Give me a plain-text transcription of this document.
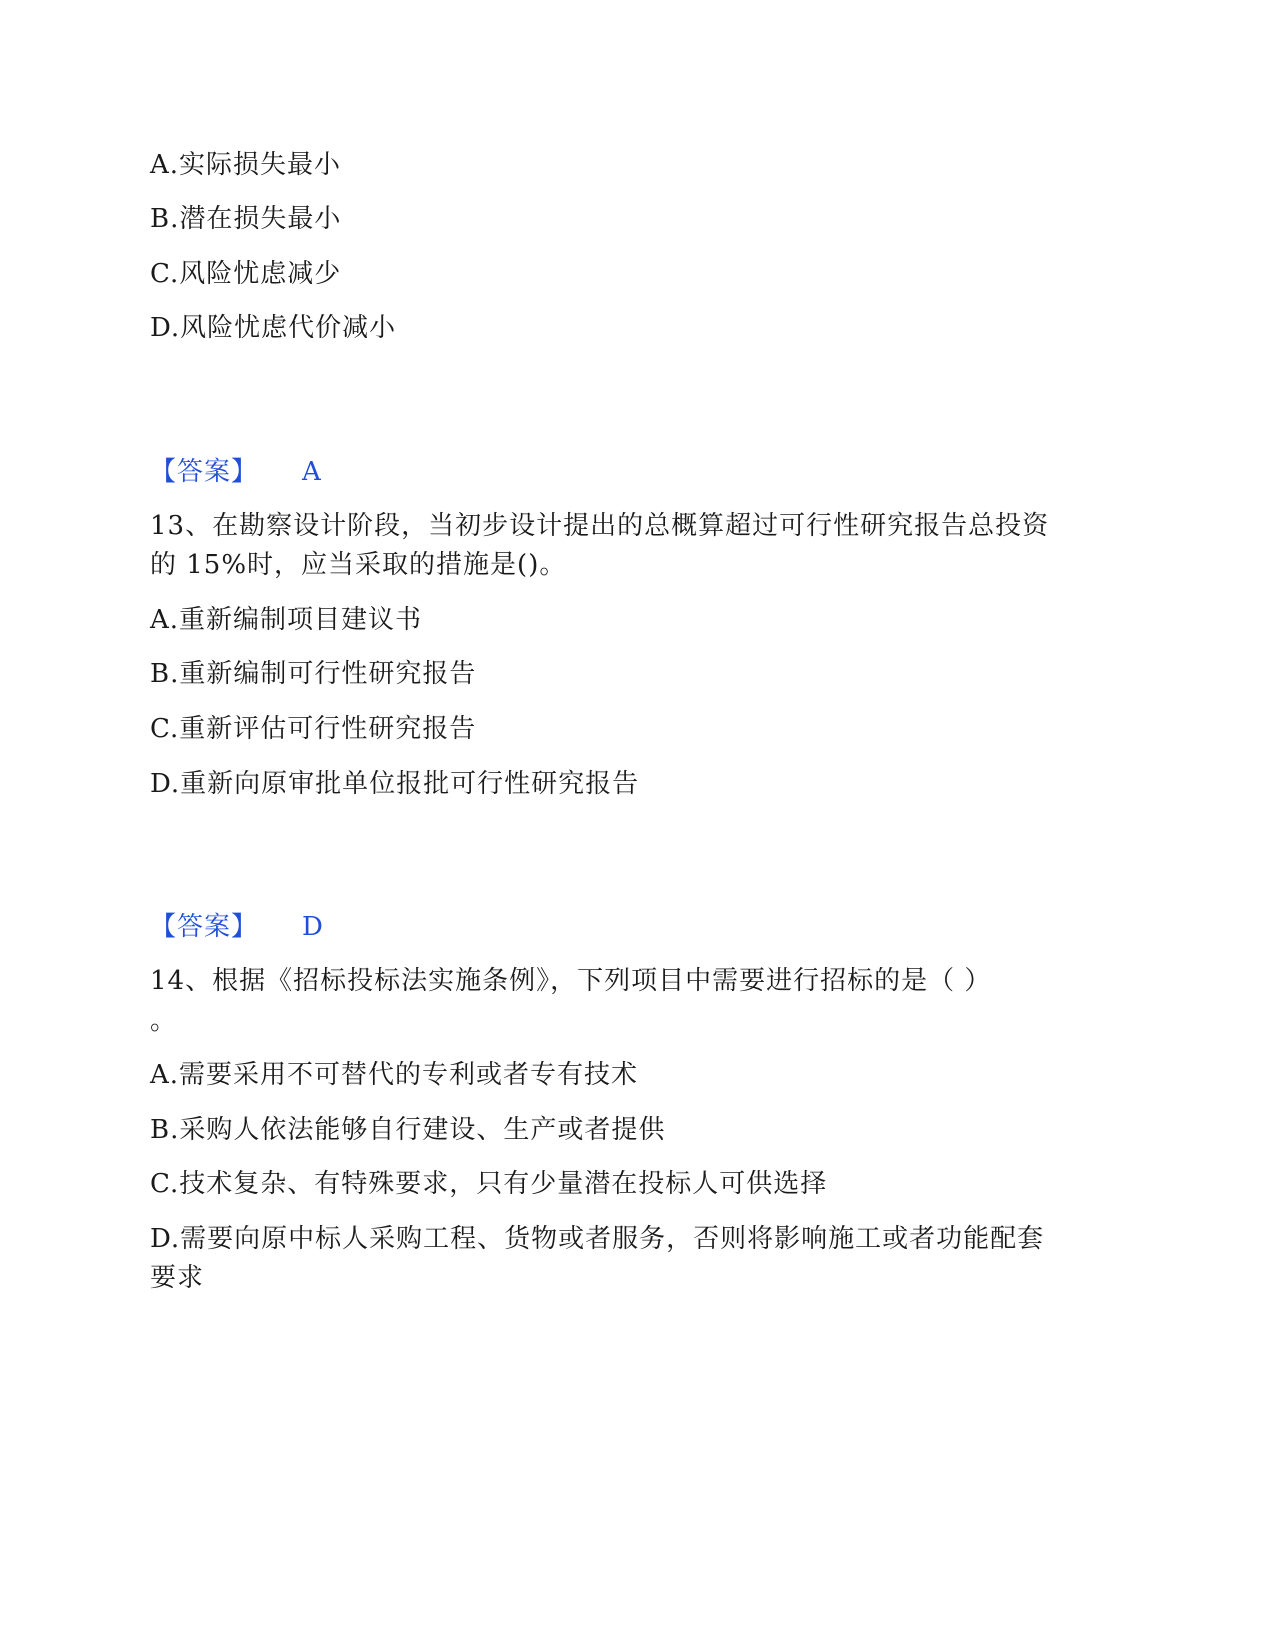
A.实际损失最小
B.潜在损失最小
C.风险忧虑减少
D.风险忧虑代价减小
【答案】 A
13、在勘察设计阶段，当初步设计提出的总概算超过可行性研究报告总投资
的 15%时，应当采取的措施是()。
A.重新编制项目建议书
B.重新编制可行性研究报告
C.重新评估可行性研究报告
D.重新向原审批单位报批可行性研究报告
【答案】 D
14、根据《招标投标法实施条例》，下列项目中需要进行招标的是（ ）
。
A.需要采用不可替代的专利或者专有技术
B.采购人依法能够自行建设、生产或者提供
C.技术复杂、有特殊要求，只有少量潜在投标人可供选择
D.需要向原中标人采购工程、货物或者服务，否则将影响施工或者功能配套
要求
